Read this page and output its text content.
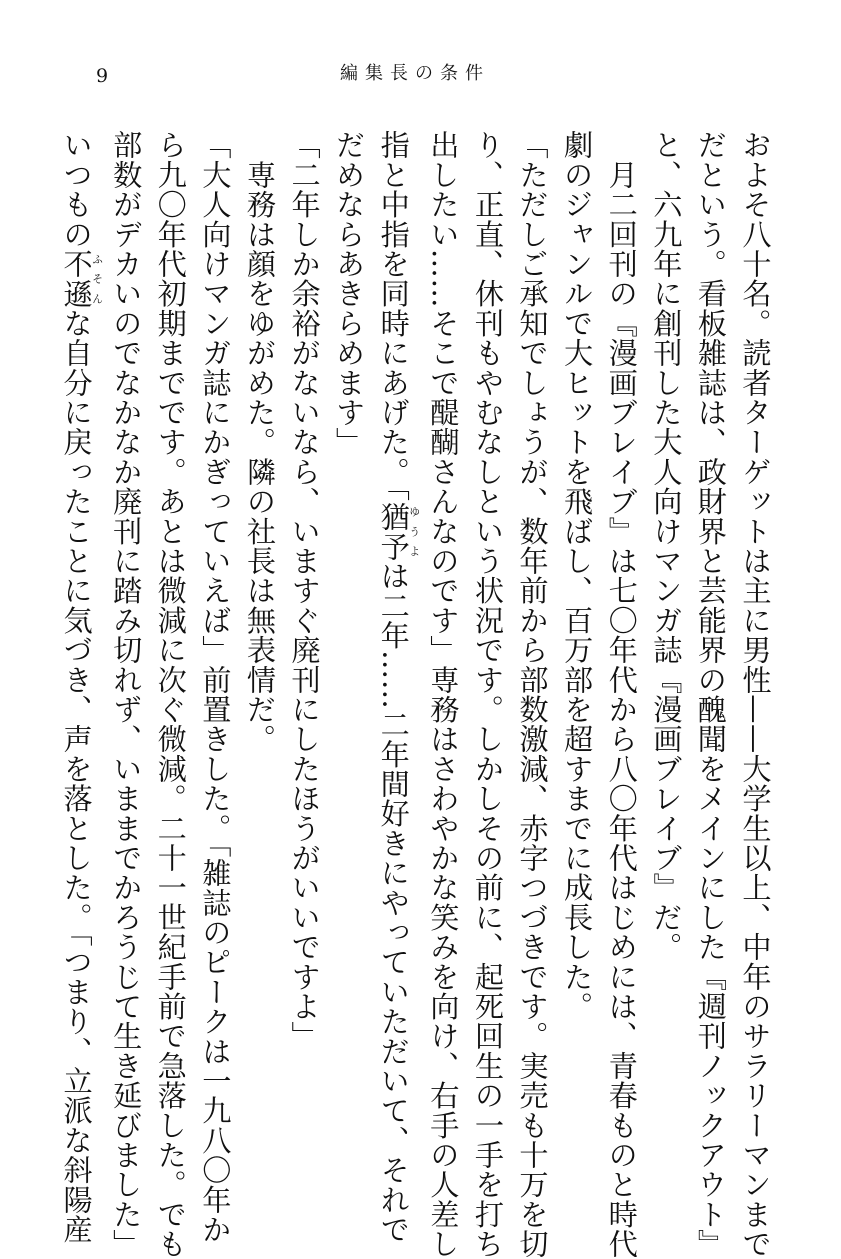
9	編集長の条件
およそ八十名。読者ターゲットは主に男性——大学生以上、中年のサラリーマンまで
だという。看板雑誌は、政財界と芸能界の醜聞をメインにした『週刊ノックアウト』
と、六九年に創刊した大人向けマンガ誌『漫画ブレイブ』だ。
　月二回刊の『漫画ブレイブ』は七〇年代から八〇年代はじめには、青春ものと時代
劇のジャンルで大ヒットを飛ばし、百万部を超すまでに成長した。
「ただしご承知でしょうが、数年前から部数激減、赤字つづきです。実売も十万を切
り、正直、休刊もやむなしという状況です。しかしその前に、起死回生の一手を打ち
出したい……そこで醍醐さんなのです」専務はさわやかな笑みを向け、右手の人差し
指と中指を同時にあげた。「猶予ゆうよは二年……二年間好きにやっていただいて、それで
だめならあきらめます」
「二年しか余裕がないなら、いますぐ廃刊にしたほうがいいですよ」
　専務は顔をゆがめた。隣の社長は無表情だ。
「大人向けマンガ誌にかぎっていえば」前置きした。「雑誌のピークは一九八〇年か
ら九〇年代初期までです。あとは微減に次ぐ微減。二十一世紀手前で急落した。でも
部数がデカいのでなかなか廃刊に踏み切れず、いままでかろうじて生き延びました」
いつもの不遜ふそんな自分に戻ったことに気づき、声を落とした。「つまり、立派な斜陽産
